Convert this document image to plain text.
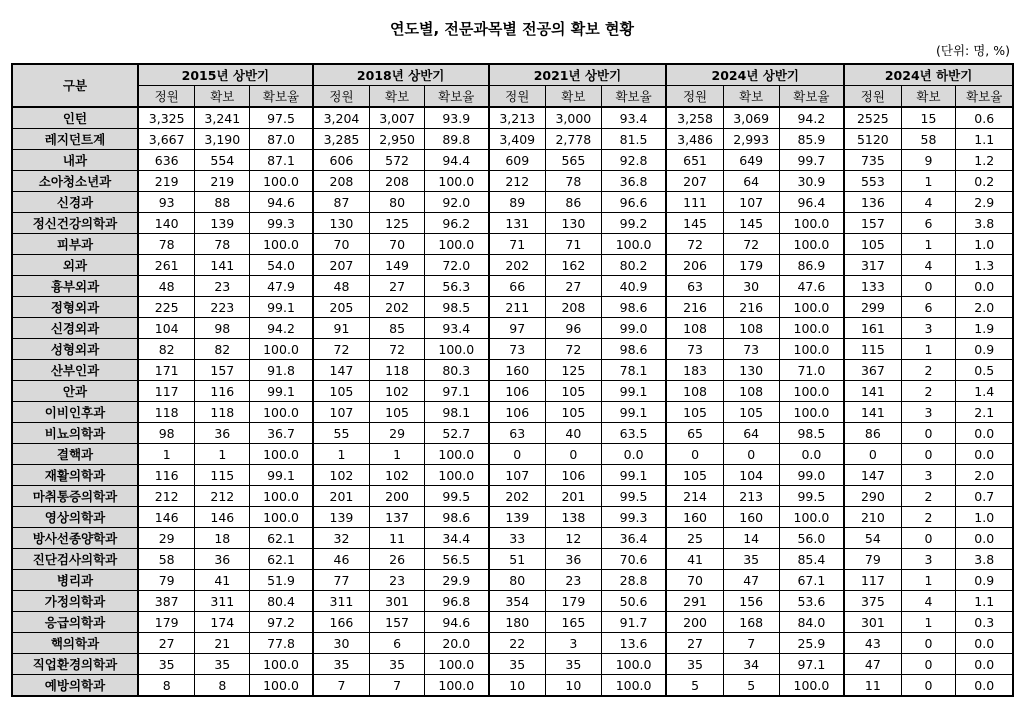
연도별, 전문과목별 전공의 확보 현황
(단위: 명, %)
구분	2015년 상반기			2018년 상반기			2021년 상반기			2024년 상반기			2024년 하반기		
	정원	확보	확보율	정원	확보	확보율	정원	확보	확보율	정원	확보	확보율	정원	확보	확보율
인턴	3,325	3,241	97.5	3,204	3,007	93.9	3,213	3,000	93.4	3,258	3,069	94.2	2525	15	0.6
레지던트계	3,667	3,190	87.0	3,285	2,950	89.8	3,409	2,778	81.5	3,486	2,993	85.9	5120	58	1.1
내과	636	554	87.1	606	572	94.4	609	565	92.8	651	649	99.7	735	9	1.2
소아청소년과	219	219	100.0	208	208	100.0	212	78	36.8	207	64	30.9	553	1	0.2
신경과	93	88	94.6	87	80	92.0	89	86	96.6	111	107	96.4	136	4	2.9
정신건강의학과	140	139	99.3	130	125	96.2	131	130	99.2	145	145	100.0	157	6	3.8
피부과	78	78	100.0	70	70	100.0	71	71	100.0	72	72	100.0	105	1	1.0
외과	261	141	54.0	207	149	72.0	202	162	80.2	206	179	86.9	317	4	1.3
흉부외과	48	23	47.9	48	27	56.3	66	27	40.9	63	30	47.6	133	0	0.0
정형외과	225	223	99.1	205	202	98.5	211	208	98.6	216	216	100.0	299	6	2.0
신경외과	104	98	94.2	91	85	93.4	97	96	99.0	108	108	100.0	161	3	1.9
성형외과	82	82	100.0	72	72	100.0	73	72	98.6	73	73	100.0	115	1	0.9
산부인과	171	157	91.8	147	118	80.3	160	125	78.1	183	130	71.0	367	2	0.5
안과	117	116	99.1	105	102	97.1	106	105	99.1	108	108	100.0	141	2	1.4
이비인후과	118	118	100.0	107	105	98.1	106	105	99.1	105	105	100.0	141	3	2.1
비뇨의학과	98	36	36.7	55	29	52.7	63	40	63.5	65	64	98.5	86	0	0.0
결핵과	1	1	100.0	1	1	100.0	0	0	0.0	0	0	0.0	0	0	0.0
재활의학과	116	115	99.1	102	102	100.0	107	106	99.1	105	104	99.0	147	3	2.0
마취통증의학과	212	212	100.0	201	200	99.5	202	201	99.5	214	213	99.5	290	2	0.7
영상의학과	146	146	100.0	139	137	98.6	139	138	99.3	160	160	100.0	210	2	1.0
방사선종양학과	29	18	62.1	32	11	34.4	33	12	36.4	25	14	56.0	54	0	0.0
진단검사의학과	58	36	62.1	46	26	56.5	51	36	70.6	41	35	85.4	79	3	3.8
병리과	79	41	51.9	77	23	29.9	80	23	28.8	70	47	67.1	117	1	0.9
가정의학과	387	311	80.4	311	301	96.8	354	179	50.6	291	156	53.6	375	4	1.1
응급의학과	179	174	97.2	166	157	94.6	180	165	91.7	200	168	84.0	301	1	0.3
핵의학과	27	21	77.8	30	6	20.0	22	3	13.6	27	7	25.9	43	0	0.0
직업환경의학과	35	35	100.0	35	35	100.0	35	35	100.0	35	34	97.1	47	0	0.0
예방의학과	8	8	100.0	7	7	100.0	10	10	100.0	5	5	100.0	11	0	0.0
